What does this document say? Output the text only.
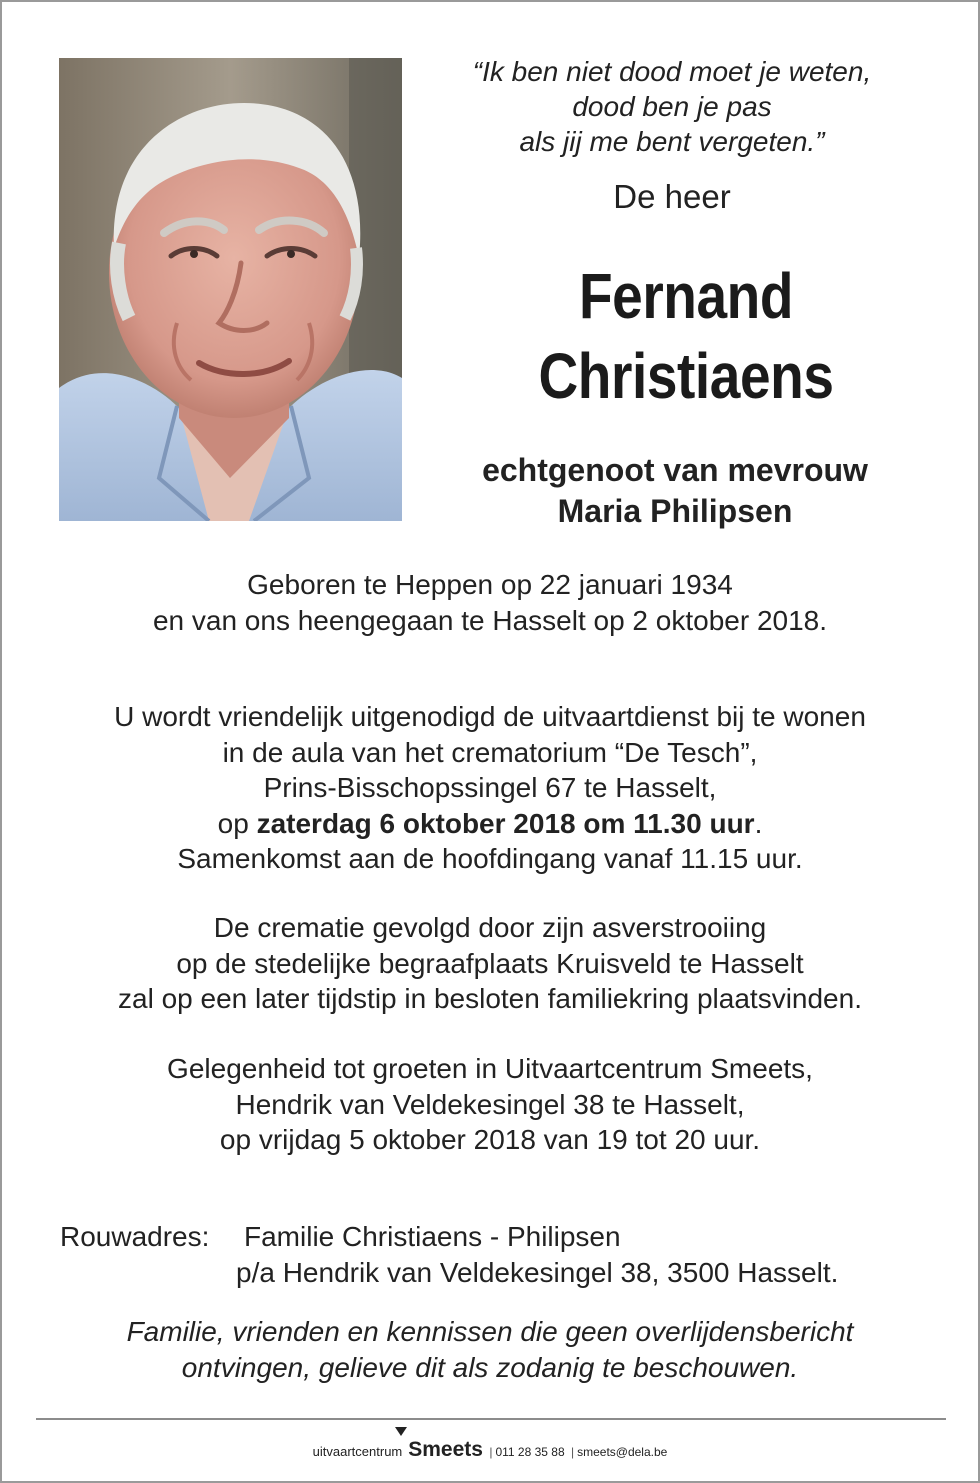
“Ik ben niet dood moet je weten,
dood ben je pas
als jij me bent vergeten.”
De heer
Fernand
Christiaens
echtgenoot van mevrouw
Maria Philipsen
Geboren te Heppen op 22 januari 1934
en van ons heengegaan te Hasselt op 2 oktober 2018.
U wordt vriendelijk uitgenodigd de uitvaartdienst bij te wonen
in de aula van het crematorium “De Tesch”,
Prins-Bisschopssingel 67 te Hasselt,
op zaterdag 6 oktober 2018 om 11.30 uur.
Samenkomst aan de hoofdingang vanaf 11.15 uur.
De crematie gevolgd door zijn asverstrooiing
op de stedelijke begraafplaats Kruisveld te Hasselt
zal op een later tijdstip in besloten familiekring plaatsvinden.
Gelegenheid tot groeten in Uitvaartcentrum Smeets,
Hendrik van Veldekesingel 38 te Hasselt,
op vrijdag 5 oktober 2018 van 19 tot 20 uur.
Rouwadres: Familie Christiaens - Philipsen
p/a Hendrik van Veldekesingel 38, 3500 Hasselt.
Familie, vrienden en kennissen die geen overlijdensbericht
ontvingen, gelieve dit als zodanig te beschouwen.
uitvaartcentrum Smeets | 011 28 35 88 | smeets@dela.be
